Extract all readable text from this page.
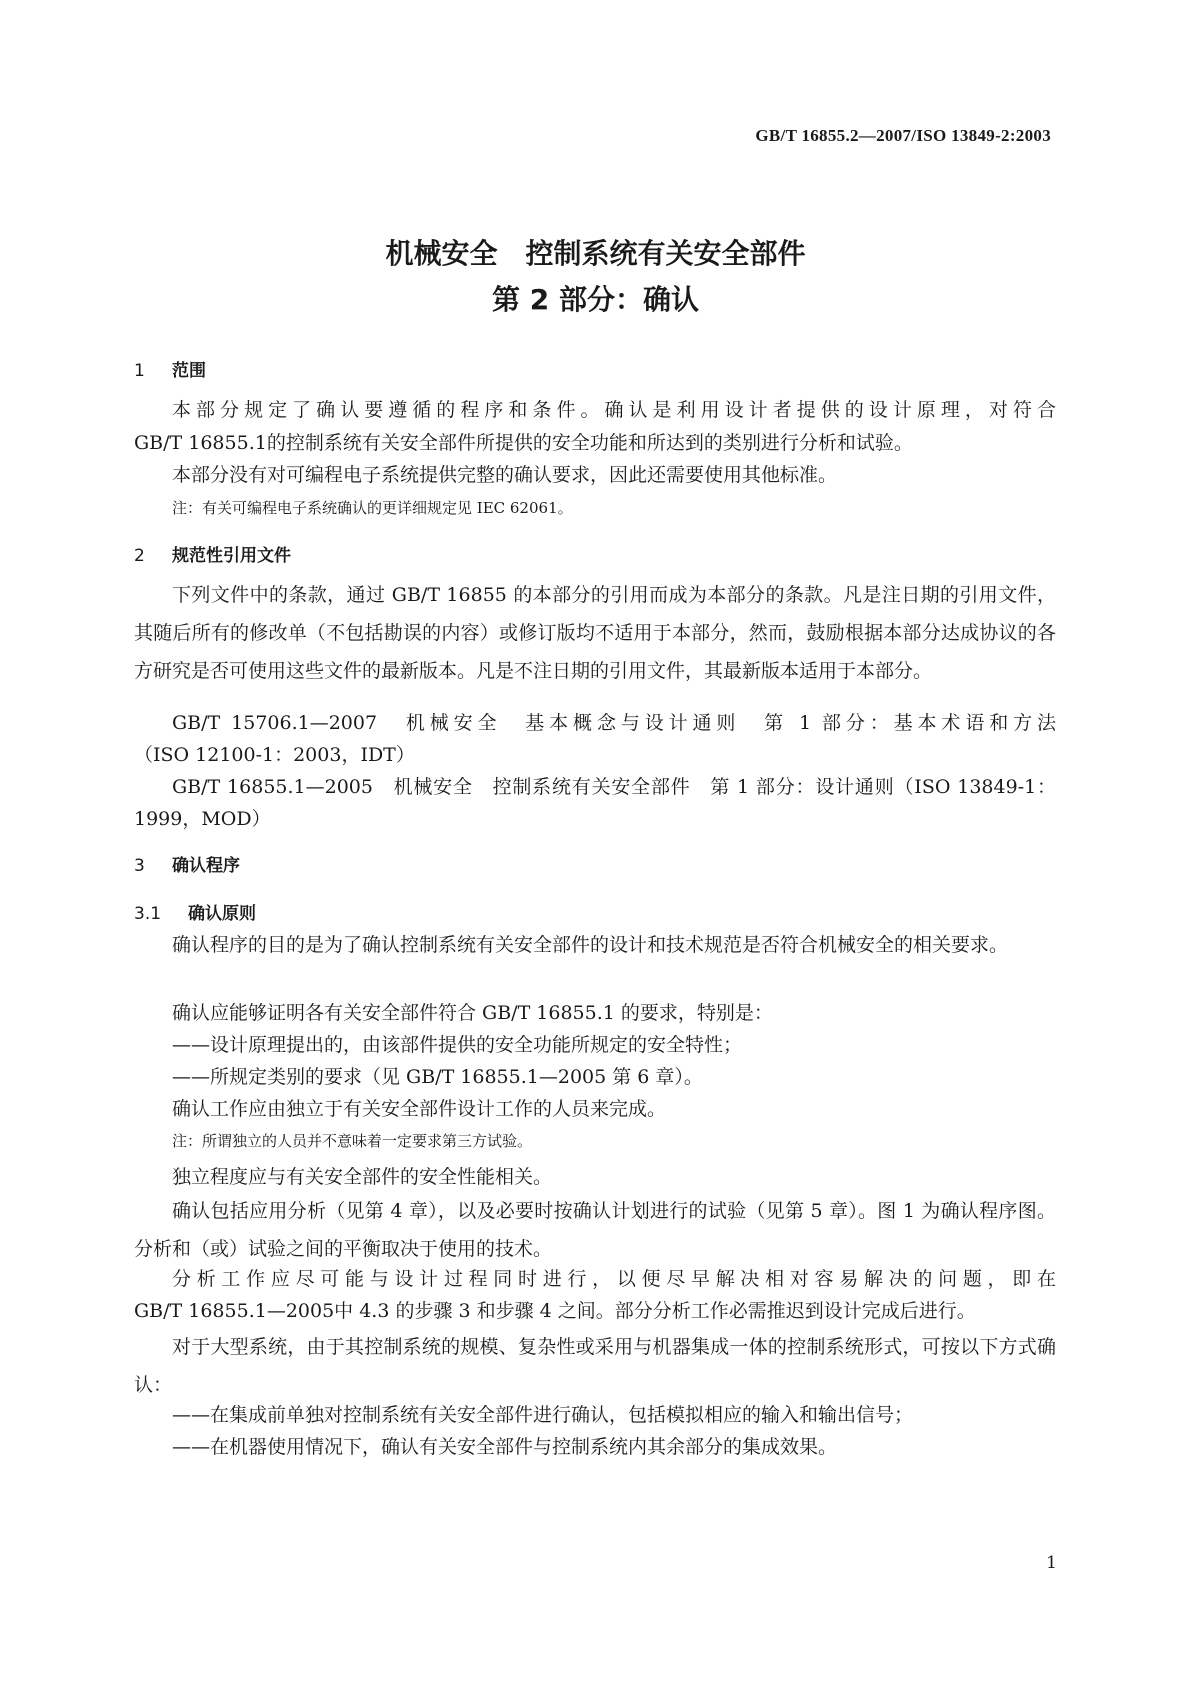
GB/T 16855.2—2007/ISO 13849-2:2003
机械安全　控制系统有关安全部件
第 2 部分：确认
1 范围

本部分规定了确认要遵循的程序和条件。确认是利用设计者提供的设计原理，对符合

GB/T 16855.1的控制系统有关安全部件所提供的安全功能和所达到的类别进行分析和试验。

本部分没有对可编程电子系统提供完整的确认要求，因此还需要使用其他标准。

注：有关可编程电子系统确认的更详细规定见 IEC 62061。
2 规范性引用文件

下列文件中的条款，通过 GB/T 16855 的本部分的引用而成为本部分的条款。凡是注日期的引用文件，其随后所有的修改单（不包括勘误的内容）或修订版均不适用于本部分，然而，鼓励根据本部分达成协议的各方研究是否可使用这些文件的最新版本。凡是不注日期的引用文件，其最新版本适用于本部分。

GB/T 15706.1—2007　机械安全　基本概念与设计通则　第 1 部分：基本术语和方法

（ISO 12100-1：2003，IDT）

GB/T 16855.1—2005　机械安全　控制系统有关安全部件　第 1 部分：设计通则（ISO 13849-1：

1999，MOD）

3 确认程序
3.1 确认原则

确认程序的目的是为了确认控制系统有关安全部件的设计和技术规范是否符合机械安全的相关要求。

确认应能够证明各有关安全部件符合 GB/T 16855.1 的要求，特别是：

——设计原理提出的，由该部件提供的安全功能所规定的安全特性；

——所规定类别的要求（见 GB/T 16855.1—2005 第 6 章）。

确认工作应由独立于有关安全部件设计工作的人员来完成。

注：所谓独立的人员并不意味着一定要求第三方试验。

独立程度应与有关安全部件的安全性能相关。

确认包括应用分析（见第 4 章），以及必要时按确认计划进行的试验（见第 5 章）。图 1 为确认程序图。分析和（或）试验之间的平衡取决于使用的技术。

分析工作应尽可能与设计过程同时进行，以便尽早解决相对容易解决的问题，即在

GB/T 16855.1—2005中 4.3 的步骤 3 和步骤 4 之间。部分分析工作必需推迟到设计完成后进行。

对于大型系统，由于其控制系统的规模、复杂性或采用与机器集成一体的控制系统形式，可按以下方式确认：

——在集成前单独对控制系统有关安全部件进行确认，包括模拟相应的输入和输出信号；

——在机器使用情况下，确认有关安全部件与控制系统内其余部分的集成效果。

1
